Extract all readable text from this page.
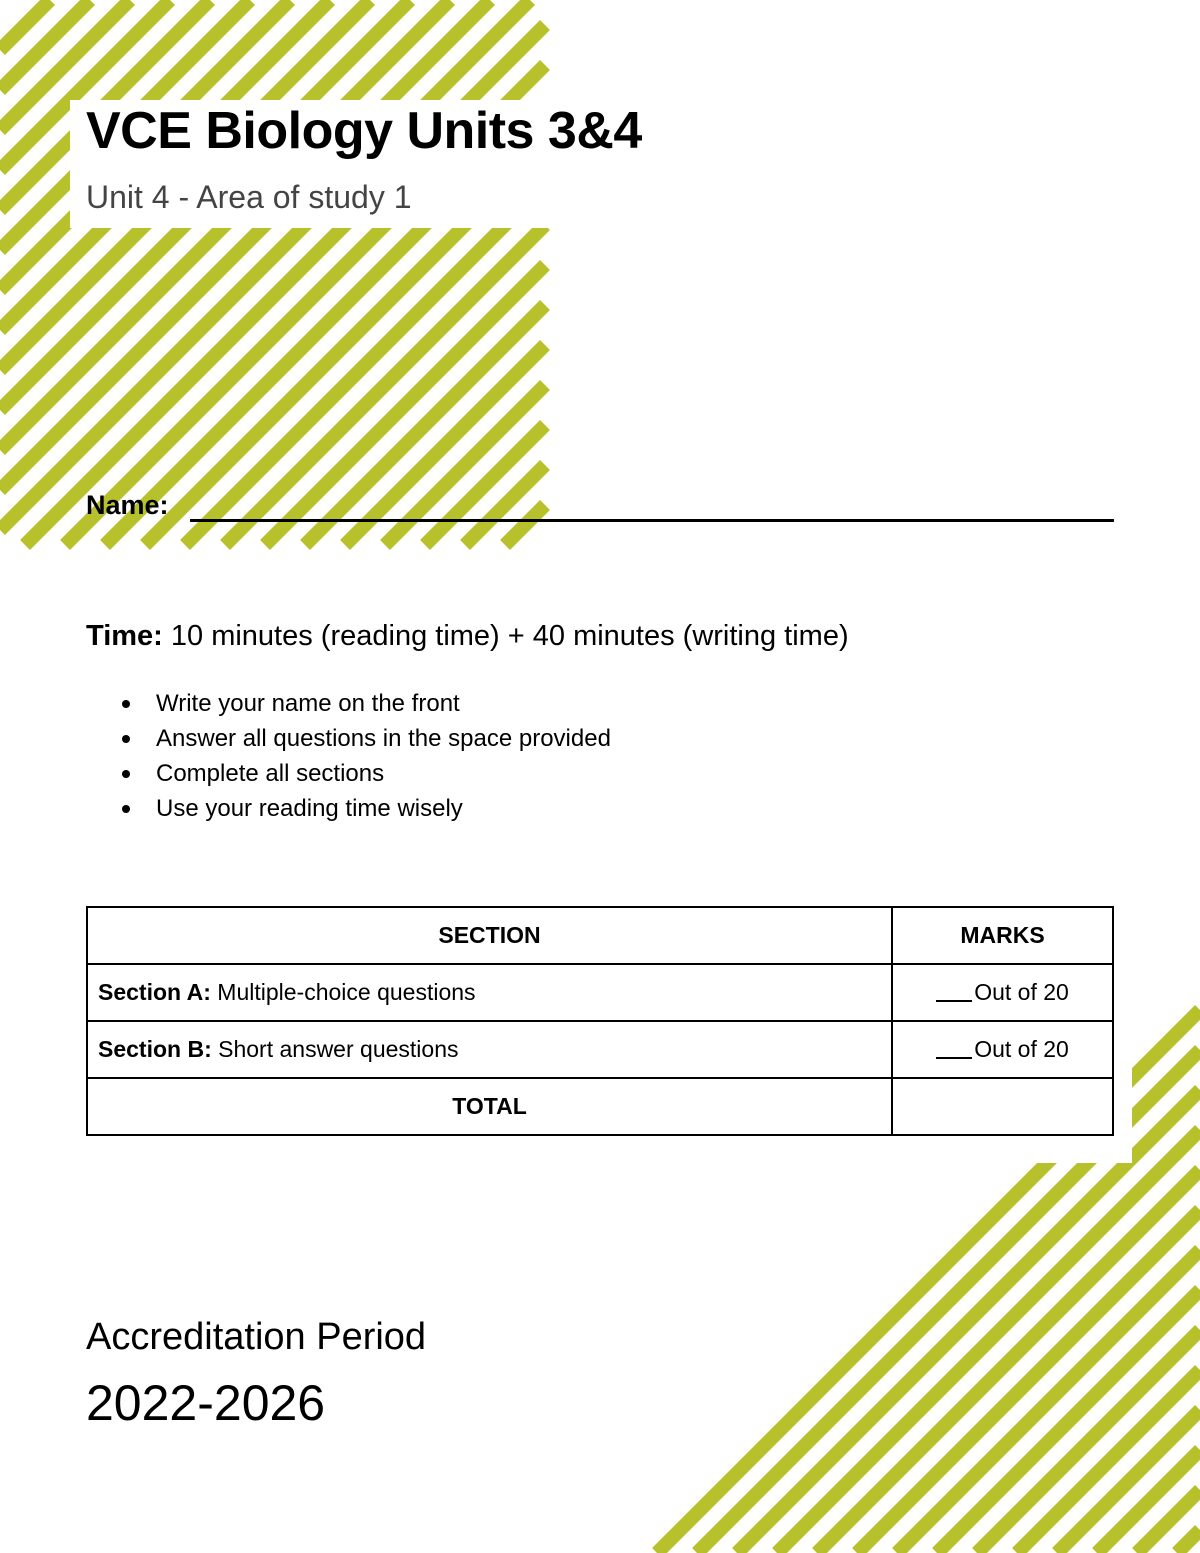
VCE Biology Units 3&4
Unit 4 - Area of study 1
Name:
Time: 10 minutes (reading time) + 40 minutes (writing time)
Write your name on the front
Answer all questions in the space provided
Complete all sections
Use your reading time wisely
SECTION	MARKS
Section A: Multiple-choice questions	Out of 20
Section B: Short answer questions	Out of 20
TOTAL	
Accreditation Period
2022-2026
